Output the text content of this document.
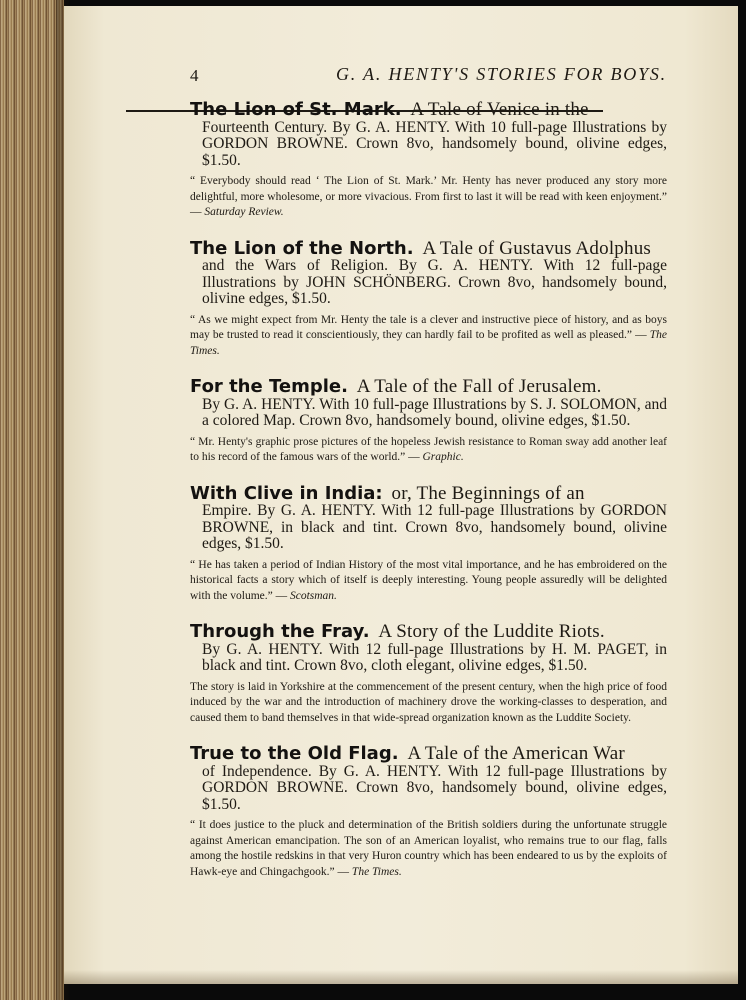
4	G. A. HENTY'S STORIES FOR BOYS.
The Lion of St. Mark. A Tale of Venice in the
Fourteenth Century. By G. A. HENTY. With 10 full-page Illustrations by GORDON BROWNE. Crown 8vo, handsomely bound, olivine edges, $1.50.
“ Everybody should read ‘ The Lion of St. Mark.’ Mr. Henty has never produced any story more delightful, more wholesome, or more vivacious. From first to last it will be read with keen enjoyment.” — Saturday Review.
The Lion of the North. A Tale of Gustavus Adolphus
and the Wars of Religion. By G. A. HENTY. With 12 full-page Illustrations by JOHN SCHÖNBERG. Crown 8vo, handsomely bound, olivine edges, $1.50.
“ As we might expect from Mr. Henty the tale is a clever and instructive piece of history, and as boys may be trusted to read it conscientiously, they can hardly fail to be profited as well as pleased.” — The Times.
For the Temple. A Tale of the Fall of Jerusalem.
By G. A. HENTY. With 10 full-page Illustrations by S. J. SOLOMON, and a colored Map. Crown 8vo, handsomely bound, olivine edges, $1.50.
“ Mr. Henty's graphic prose pictures of the hopeless Jewish resistance to Roman sway add another leaf to his record of the famous wars of the world.” — Graphic.
With Clive in India: or, The Beginnings of an
Empire. By G. A. HENTY. With 12 full-page Illustrations by GORDON BROWNE, in black and tint. Crown 8vo, handsomely bound, olivine edges, $1.50.
“ He has taken a period of Indian History of the most vital importance, and he has embroidered on the historical facts a story which of itself is deeply interesting. Young people assuredly will be delighted with the volume.” — Scotsman.
Through the Fray. A Story of the Luddite Riots.
By G. A. HENTY. With 12 full-page Illustrations by H. M. PAGET, in black and tint. Crown 8vo, cloth elegant, olivine edges, $1.50.
The story is laid in Yorkshire at the commencement of the present century, when the high price of food induced by the war and the introduction of machinery drove the working-classes to desperation, and caused them to band themselves in that wide-spread organization known as the Luddite Society.
True to the Old Flag. A Tale of the American War
of Independence. By G. A. HENTY. With 12 full-page Illustrations by GORDON BROWNE. Crown 8vo, handsomely bound, olivine edges, $1.50.
“ It does justice to the pluck and determination of the British soldiers during the unfortunate struggle against American emancipation. The son of an American loyalist, who remains true to our flag, falls among the hostile redskins in that very Huron country which has been endeared to us by the exploits of Hawk-eye and Chingachgook.” — The Times.
